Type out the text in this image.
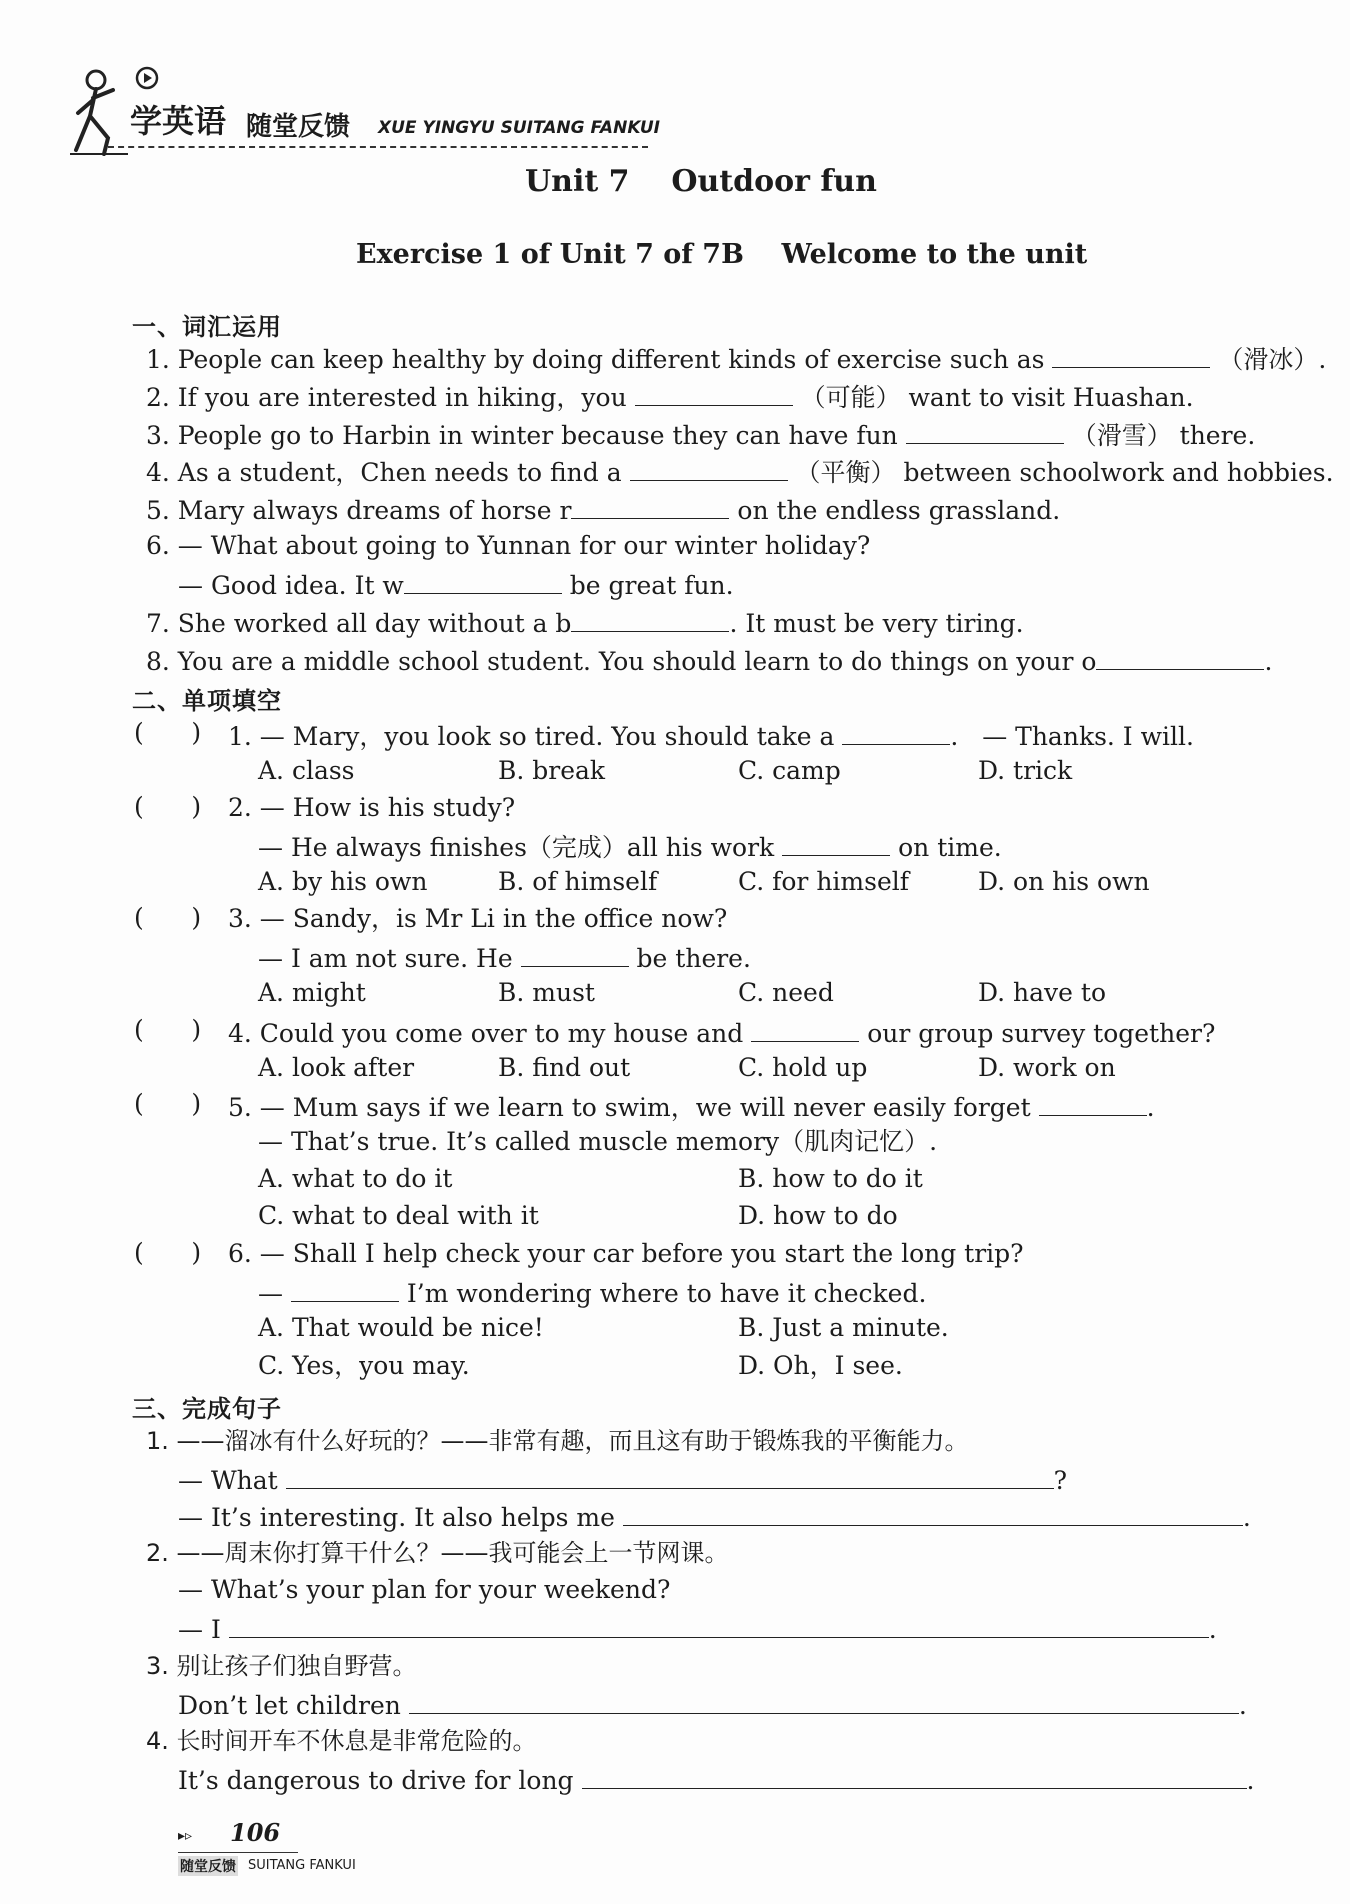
学英语 随堂反馈 XUE YINGYU SUITANG FANKUI
Unit 7    Outdoor fun
Exercise 1 of Unit 7 of 7B    Welcome to the unit
一、词汇运用
1. People can keep healthy by doing different kinds of exercise such as	（滑冰）.
2. If you are interested in hiking，you	（可能） want to visit Huashan.
3. People go to Harbin in winter because they can have fun	（滑雪） there.
4. As a student，Chen needs to find a	（平衡） between schoolwork and hobbies.
5. Mary always dreams of horse r	on the endless grassland.
6. — What about going to Yunnan for our winter holiday?
— Good idea. It w	be great fun.
7. She worked all day without a b	. It must be very tiring.
8. You are a middle school student. You should learn to do things on your o	.
二、单项填空
(      ) 1. — Mary，you look so tired. You should take a	.   — Thanks. I will.
A. class	B. break	C. camp	D. trick
(      ) 2. — How is his study?
— He always finishes（完成）all his work	on time.
A. by his own	B. of himself	C. for himself	D. on his own
(      ) 3. — Sandy，is Mr Li in the office now?
— I am not sure. He	be there.
A. might	B. must	C. need	D. have to
(      ) 4. Could you come over to my house and	our group survey together?
A. look after	B. find out	C. hold up	D. work on
(      ) 5. — Mum says if we learn to swim，we will never easily forget	.
— That’s true. It’s called muscle memory（肌肉记忆）.
A. what to do it	B. how to do it
C. what to deal with it	D. how to do
(      ) 6. — Shall I help check your car before you start the long trip?
—	I’m wondering where to have it checked.
A. That would be nice!	B. Just a minute.
C. Yes，you may.	D. Oh，I see.
三、完成句子
1. ——溜冰有什么好玩的？——非常有趣，而且这有助于锻炼我的平衡能力。
— What	?
— It’s interesting. It also helps me	.
2. ——周末你打算干什么？——我可能会上一节网课。
— What’s your plan for your weekend?
— I	.
3. 别让孩子们独自野营。
Don’t let children	.
4. 长时间开车不休息是非常危险的。
It’s dangerous to drive for long	.
▸▹ 106
随堂反馈 SUITANG FANKUI
